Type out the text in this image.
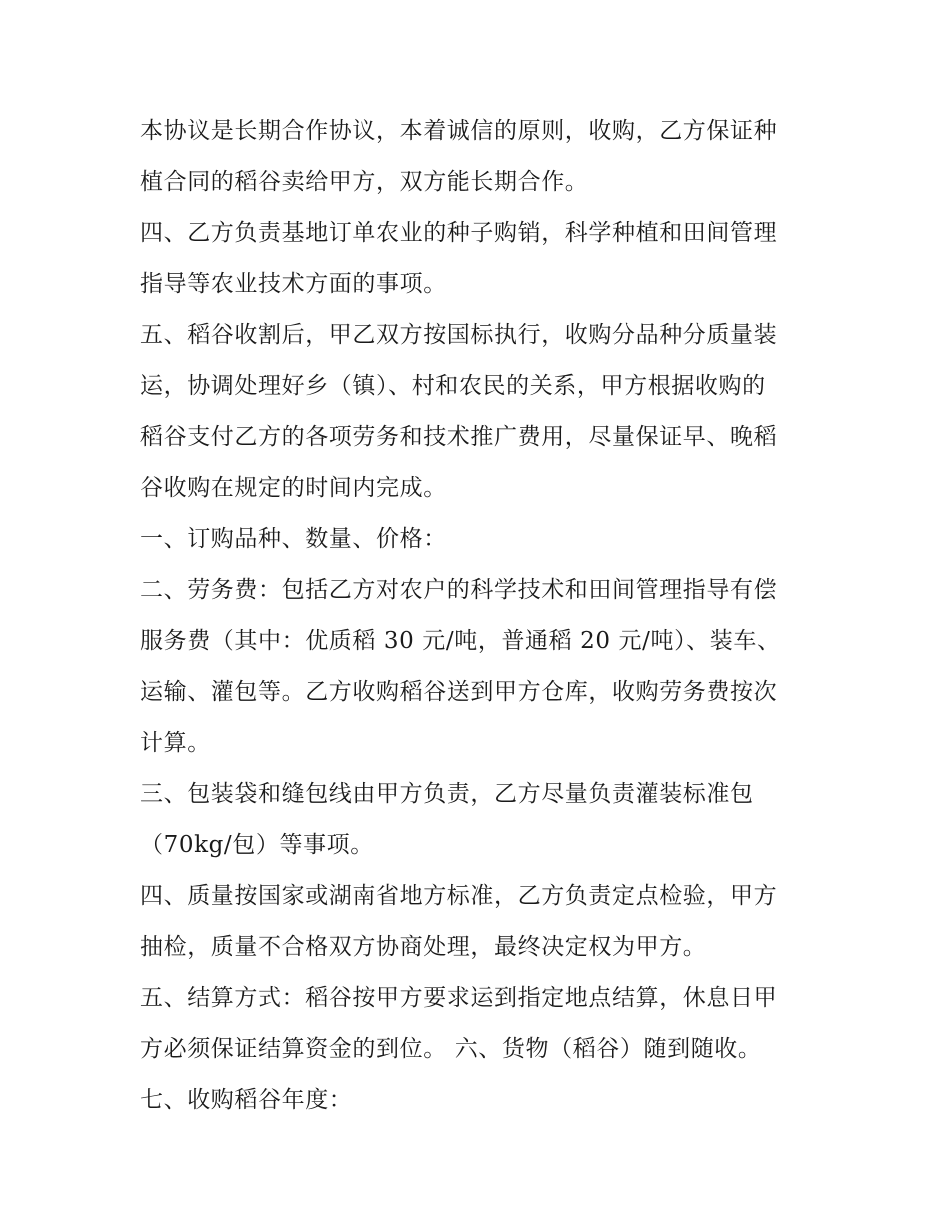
本协议是长期合作协议，本着诚信的原则，收购，乙方保证种
植合同的稻谷卖给甲方，双方能长期合作。
四、乙方负责基地订单农业的种子购销，科学种植和田间管理
指导等农业技术方面的事项。
五、稻谷收割后，甲乙双方按国标执行，收购分品种分质量装
运，协调处理好乡（镇）、村和农民的关系，甲方根据收购的
稻谷支付乙方的各项劳务和技术推广费用，尽量保证早、晚稻
谷收购在规定的时间内完成。
一、订购品种、数量、价格：
二、劳务费：包括乙方对农户的科学技术和田间管理指导有偿
服务费（其中：优质稻 30 元/吨，普通稻 20 元/吨）、装车、
运输、灌包等。乙方收购稻谷送到甲方仓库，收购劳务费按次
计算。
三、包装袋和缝包线由甲方负责，乙方尽量负责灌装标准包
（70kg/包）等事项。
四、质量按国家或湖南省地方标准，乙方负责定点检验，甲方
抽检，质量不合格双方协商处理，最终决定权为甲方。
五、结算方式：稻谷按甲方要求运到指定地点结算，休息日甲
方必须保证结算资金的到位。 六、货物（稻谷）随到随收。
七、收购稻谷年度：
